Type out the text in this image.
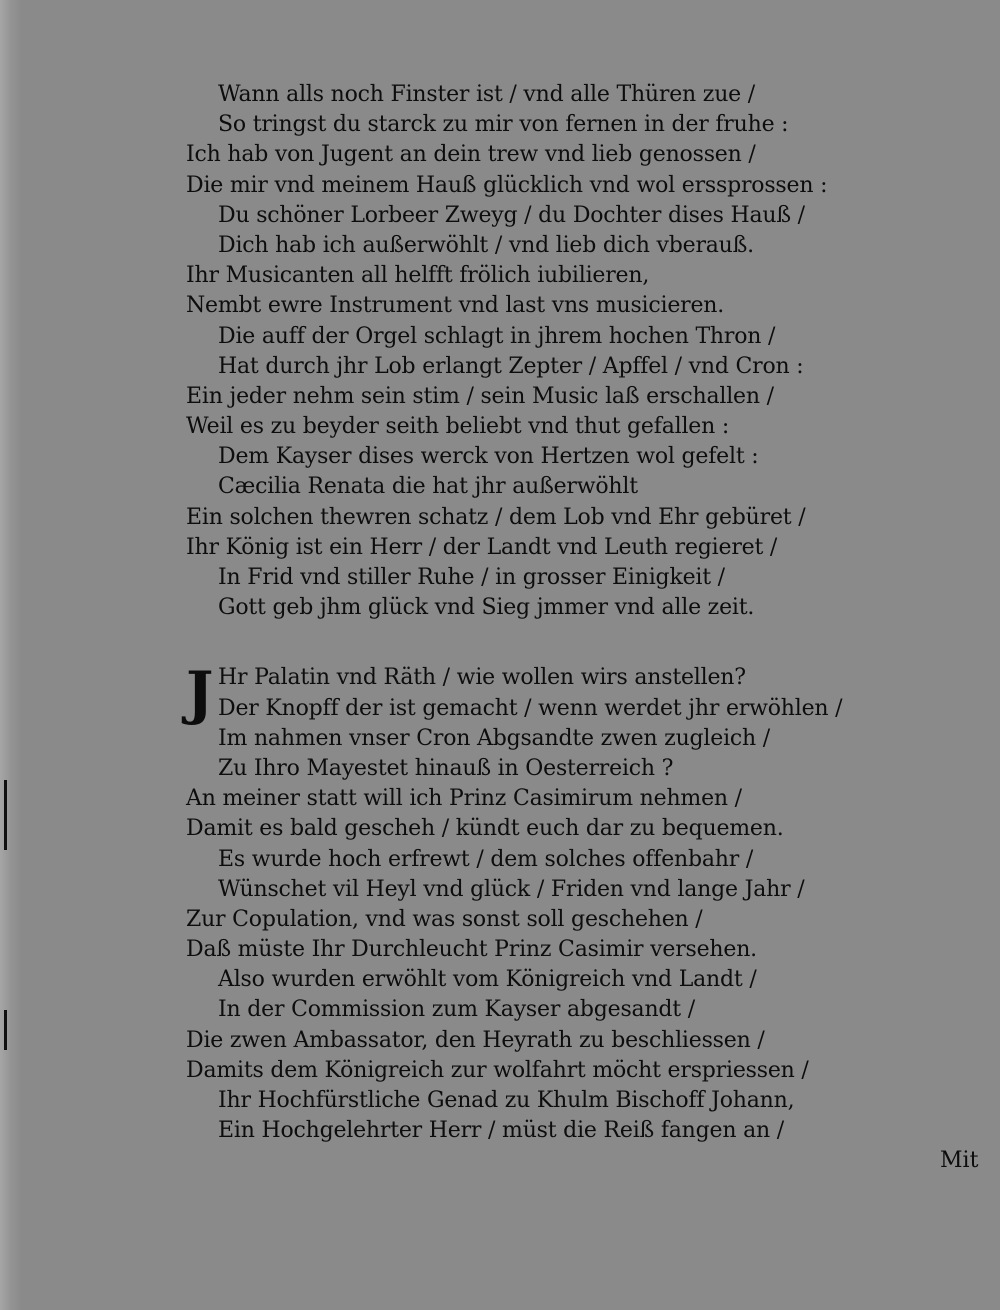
Wann alls noch Finster ist / vnd alle Thüren zue /
So tringst du starck zu mir von fernen in der fruhe :
Ich hab von Jugent an dein trew vnd lieb genossen /
Die mir vnd meinem Hauß glücklich vnd wol erssprossen :
Du schöner Lorbeer Zweyg / du Dochter dises Hauß /
Dich hab ich außerwöhlt / vnd lieb dich vberauß.
Ihr Musicanten all helfft frölich iubilieren,
Nembt ewre Instrument vnd last vns musicieren.
Die auff der Orgel schlagt in jhrem hochen Thron /
Hat durch jhr Lob erlangt Zepter / Apffel / vnd Cron :
Ein jeder nehm sein stim / sein Music laß erschallen /
Weil es zu beyder seith beliebt vnd thut gefallen :
Dem Kayser dises werck von Hertzen wol gefelt :
Cæcilia Renata die hat jhr außerwöhlt
Ein solchen thewren schatz / dem Lob vnd Ehr gebüret /
Ihr König ist ein Herr / der Landt vnd Leuth regieret /
In Frid vnd stiller Ruhe / in grosser Einigkeit /
Gott geb jhm glück vnd Sieg jmmer vnd alle zeit.
Hr Palatin vnd Räth / wie wollen wirs anstellen?
Der Knopff der ist gemacht / wenn werdet jhr erwöhlen /
Im nahmen vnser Cron Abgsandte zwen zugleich /
Zu Ihro Mayestet hinauß in Oesterreich ?
An meiner statt will ich Prinz Casimirum nehmen /
Damit es bald gescheh / kündt euch dar zu bequemen.
Es wurde hoch erfrewt / dem solches offenbahr /
Wünschet vil Heyl vnd glück / Friden vnd lange Jahr /
Zur Copulation, vnd was sonst soll geschehen /
Daß müste Ihr Durchleucht Prinz Casimir versehen.
Also wurden erwöhlt vom Königreich vnd Landt /
In der Commission zum Kayser abgesandt /
Die zwen Ambassator, den Heyrath zu beschliessen /
Damits dem Königreich zur wolfahrt möcht erspriessen /
Ihr Hochfürstliche Genad zu Khulm Bischoff Johann,
Ein Hochgelehrter Herr / müst die Reiß fangen an /
J
Mit
